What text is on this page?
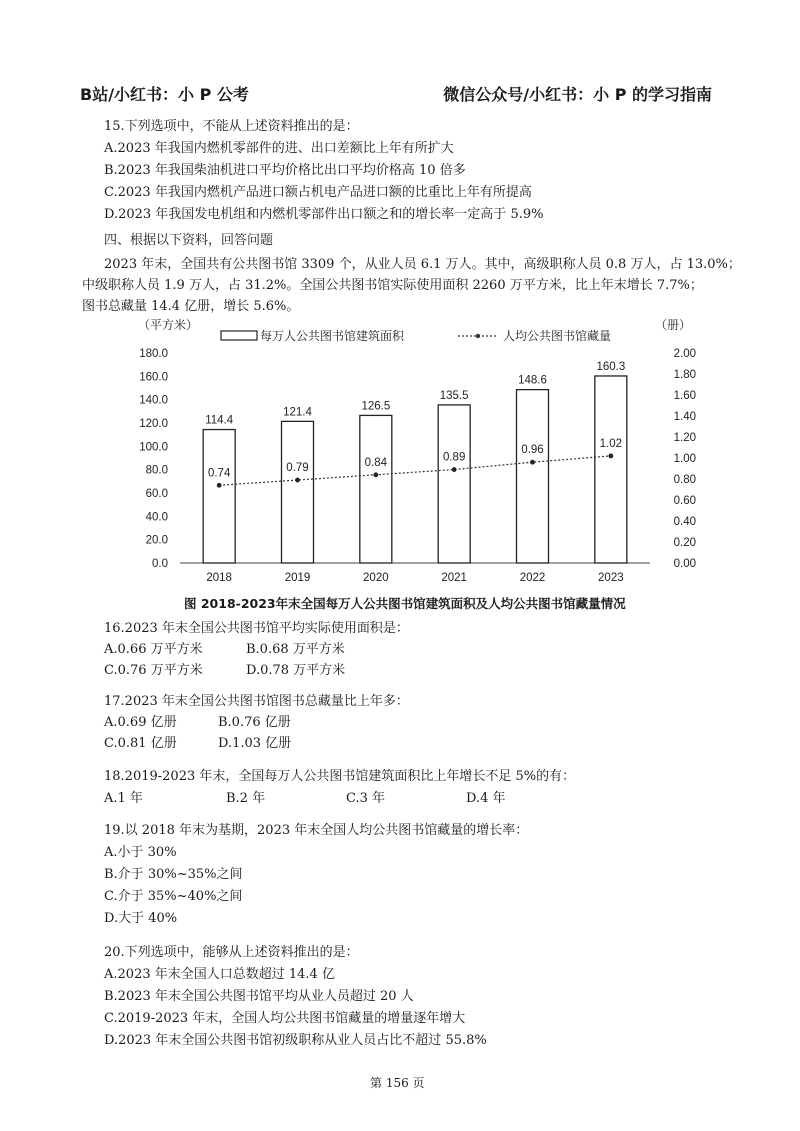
B站/小红书：小 P 公考	微信公众号/小红书：小 P 的学习指南
15.下列选项中，不能从上述资料推出的是：
A.2023 年我国内燃机零部件的进、出口差额比上年有所扩大
B.2023 年我国柴油机进口平均价格比出口平均价格高 10 倍多
C.2023 年我国内燃机产品进口额占机电产品进口额的比重比上年有所提高
D.2023 年我国发电机组和内燃机零部件出口额之和的增长率一定高于 5.9%
四、根据以下资料，回答问题
2023 年末，全国共有公共图书馆 3309 个，从业人员 6.1 万人。其中，高级职称人员 0.8 万人，占 13.0%；
中级职称人员 1.9 万人，占 31.2%。全国公共图书馆实际使用面积 2260 万平方米，比上年末增长 7.7%；
图书总藏量 14.4 亿册，增长 5.6%。
（平方米）	（册）
每万人公共图书馆建筑面积	人均公共图书馆藏量
0.0
20.0
40.0
60.0
80.0
100.0
120.0
140.0
160.0
180.0
0.00
0.20
0.40
0.60
0.80
1.00
1.20
1.40
1.60
1.80
2.00
114.4
2018
121.4
2019
126.5
2020
135.5
2021
148.6
2022
160.3
2023
0.74	0.79	0.84	0.89
0.96
1.02
图 2018-2023年末全国每万人公共图书馆建筑面积及人均公共图书馆藏量情况
16.2023 年末全国公共图书馆平均实际使用面积是：
A.0.66 万平方米	B.0.68 万平方米
C.0.76 万平方米	D.0.78 万平方米
17.2023 年末全国公共图书馆图书总藏量比上年多：
A.0.69 亿册	B.0.76 亿册
C.0.81 亿册	D.1.03 亿册
18.2019-2023 年末，全国每万人公共图书馆建筑面积比上年增长不足 5%的有：
A.1 年	B.2 年	C.3 年	D.4 年
19.以 2018 年末为基期，2023 年末全国人均公共图书馆藏量的增长率：
A.小于 30%
B.介于 30%~35%之间
C.介于 35%~40%之间
D.大于 40%
20.下列选项中，能够从上述资料推出的是：
A.2023 年末全国人口总数超过 14.4 亿
B.2023 年末全国公共图书馆平均从业人员超过 20 人
C.2019-2023 年末，全国人均公共图书馆藏量的增量逐年增大
D.2023 年末全国公共图书馆初级职称从业人员占比不超过 55.8%
第 156 页
